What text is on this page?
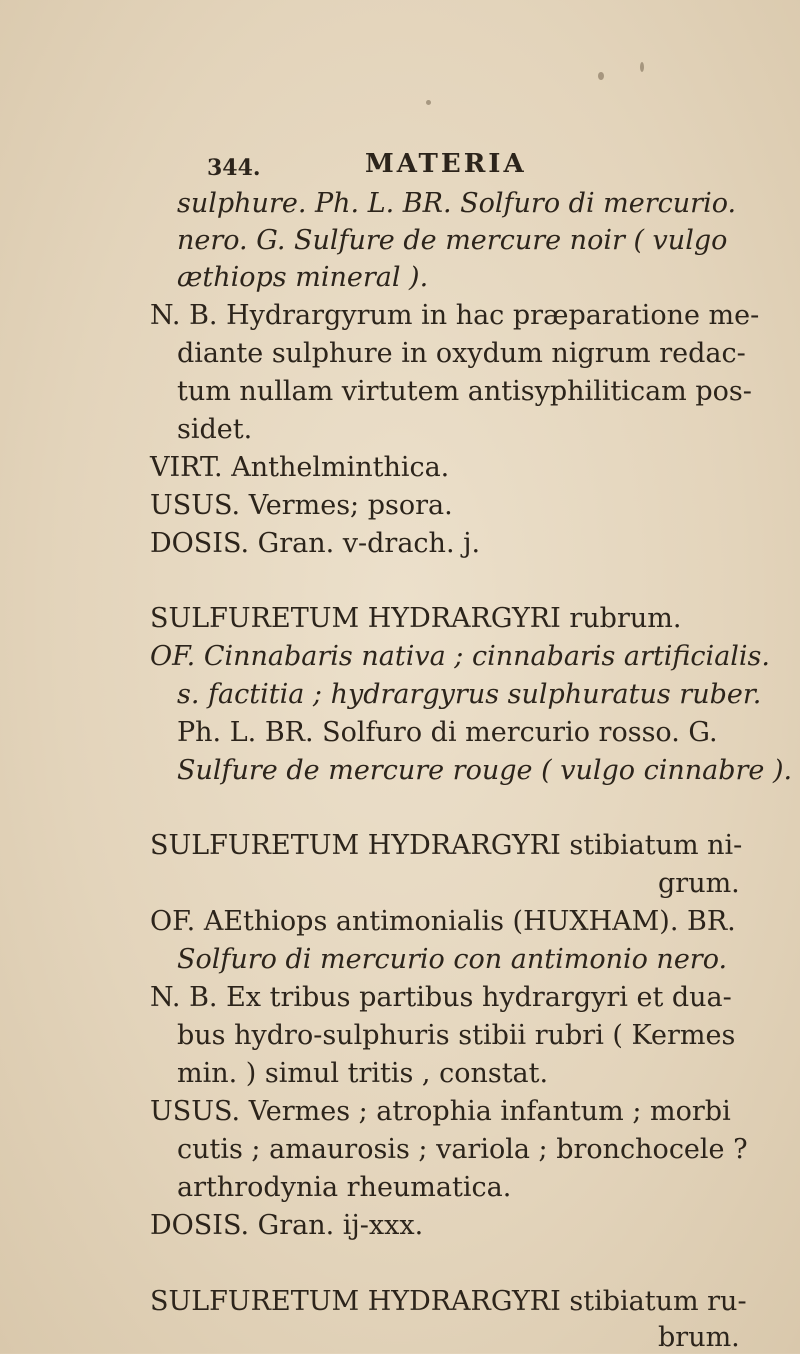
344.	MATERIA
sulphure. Ph. L. BR. Solfuro di mercurio.
nero. G. Sulfure de mercure noir ( vulgo
æthiops mineral ).
N. B. Hydrargyrum in hac præparatione me-
diante sulphure in oxydum nigrum redac-
tum nullam virtutem antisyphiliticam pos-
sidet.
VIRT. Anthelminthica.
USUS. Vermes; psora.
DOSIS. Gran. v-drach. j.
SULFURETUM HYDRARGYRI rubrum.
OF. Cinnabaris nativa ; cinnabaris artificialis.
s. factitia ; hydrargyrus sulphuratus ruber.
Ph. L. BR. Solfuro di mercurio rosso. G.
Sulfure de mercure rouge ( vulgo cinnabre ).
SULFURETUM HYDRARGYRI stibiatum ni-
grum.
OF. AEthiops antimonialis (HUXHAM). BR.
Solfuro di mercurio con antimonio nero.
N. B. Ex tribus partibus hydrargyri et dua-
bus hydro-sulphuris stibii rubri ( Kermes
min. ) simul tritis , constat.
USUS. Vermes ; atrophia infantum ; morbi
cutis ; amaurosis ; variola ; bronchocele ?
arthrodynia rheumatica.
DOSIS. Gran. ij-xxx.
SULFURETUM HYDRARGYRI stibiatum ru-
brum.
